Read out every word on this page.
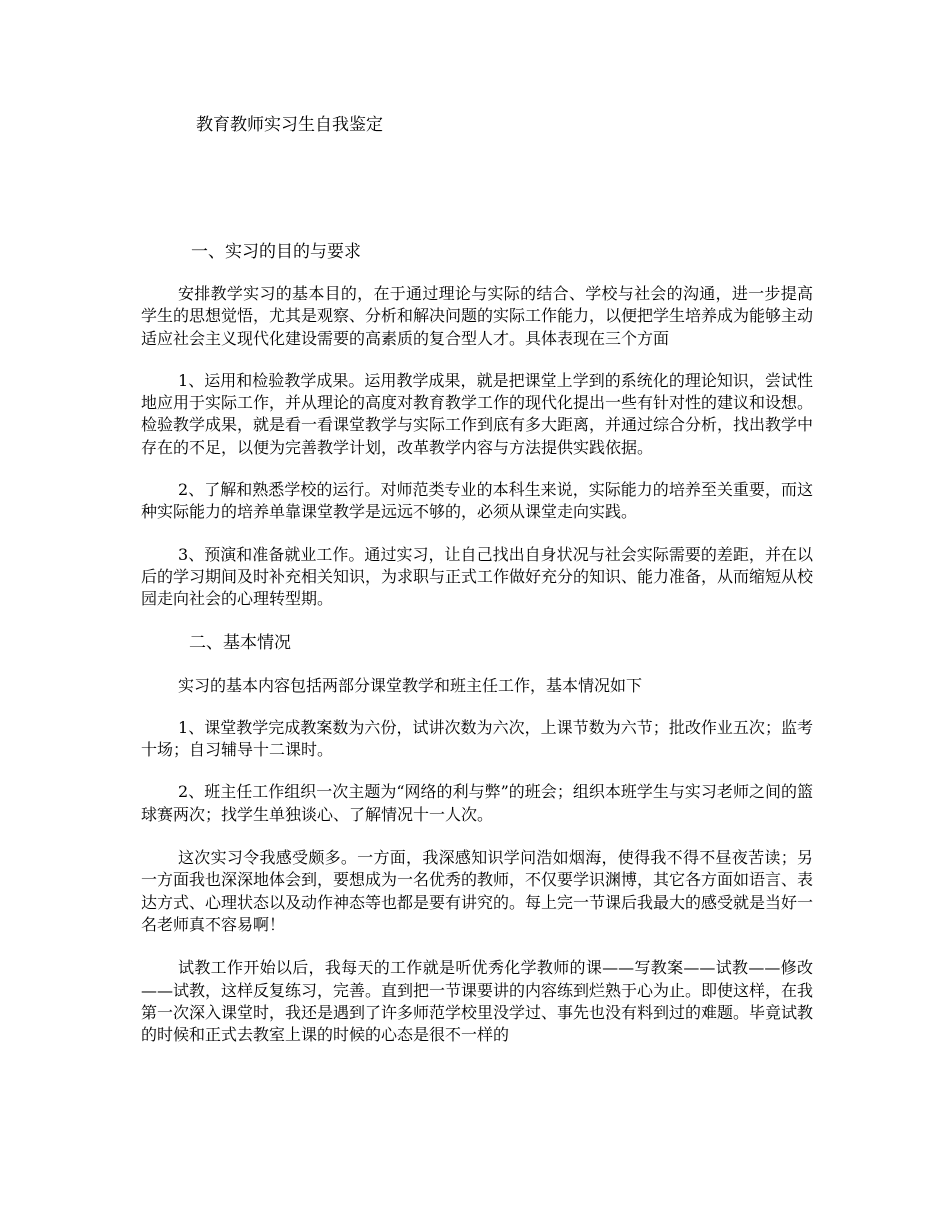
教育教师实习生自我鉴定

一、实习的目的与要求

安排教学实习的基本目的，在于通过理论与实际的结合、学校与社会的沟通，进一步提高学生的思想觉悟，尤其是观察、分析和解决问题的实际工作能力，以便把学生培养成为能够主动适应社会主义现代化建设需要的高素质的复合型人才。具体表现在三个方面

1、运用和检验教学成果。运用教学成果，就是把课堂上学到的系统化的理论知识，尝试性地应用于实际工作，并从理论的高度对教育教学工作的现代化提出一些有针对性的建议和设想。检验教学成果，就是看一看课堂教学与实际工作到底有多大距离，并通过综合分析，找出教学中存在的不足，以便为完善教学计划，改革教学内容与方法提供实践依据。

2、了解和熟悉学校的运行。对师范类专业的本科生来说，实际能力的培养至关重要，而这种实际能力的培养单靠课堂教学是远远不够的，必须从课堂走向实践。

3、预演和准备就业工作。通过实习，让自己找出自身状况与社会实际需要的差距，并在以后的学习期间及时补充相关知识，为求职与正式工作做好充分的知识、能力准备，从而缩短从校园走向社会的心理转型期。

二、基本情况

实习的基本内容包括两部分课堂教学和班主任工作，基本情况如下

1、课堂教学完成教案数为六份，试讲次数为六次，上课节数为六节；批改作业五次；监考十场；自习辅导十二课时。

2、班主任工作组织一次主题为“网络的利与弊”的班会；组织本班学生与实习老师之间的篮球赛两次；找学生单独谈心、了解情况十一人次。

这次实习令我感受颇多。一方面，我深感知识学问浩如烟海，使得我不得不昼夜苦读；另一方面我也深深地体会到，要想成为一名优秀的教师，不仅要学识渊博，其它各方面如语言、表达方式、心理状态以及动作神态等也都是要有讲究的。每上完一节课后我最大的感受就是当好一名老师真不容易啊！

试教工作开始以后，我每天的工作就是听优秀化学教师的课——写教案——试教——修改——试教，这样反复练习，完善。直到把一节课要讲的内容练到烂熟于心为止。即使这样，在我第一次深入课堂时，我还是遇到了许多师范学校里没学过、事先也没有料到过的难题。毕竟试教的时候和正式去教室上课的时候的心态是很不一样的
